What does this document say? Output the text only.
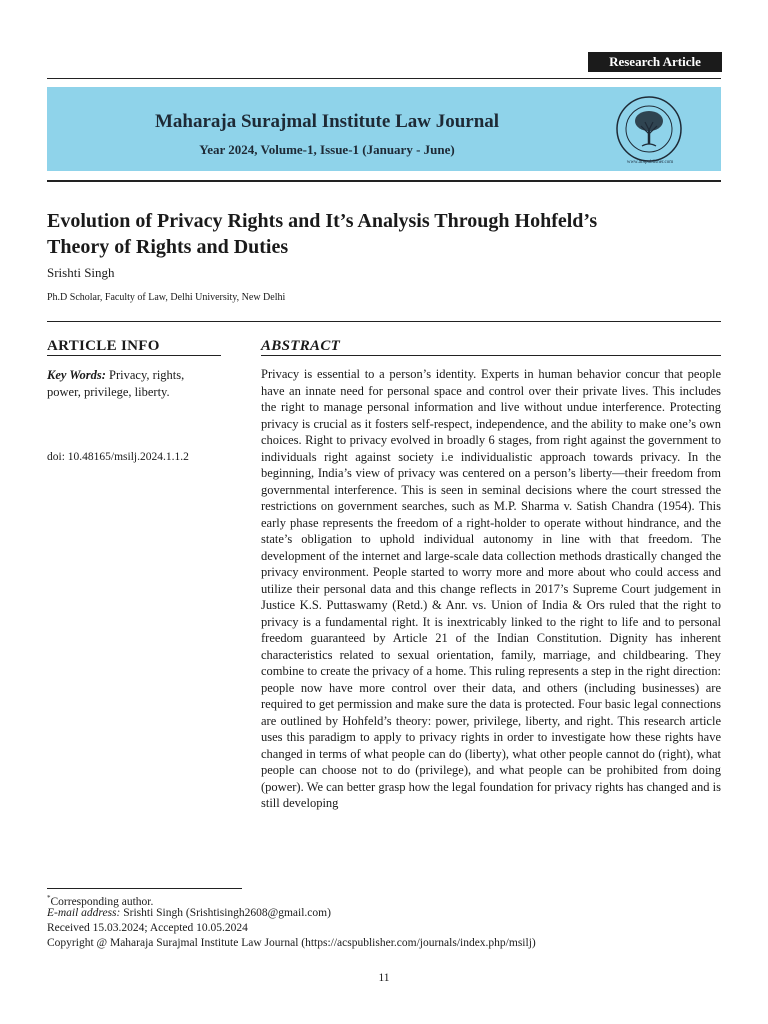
Research Article
Maharaja Surajmal Institute Law Journal
Year 2024, Volume-1, Issue-1 (January - June)
www.acspublisher.com
Evolution of Privacy Rights and It’s Analysis Through Hohfeld’s
Theory of Rights and Duties
Srishti Singh
Ph.D Scholar, Faculty of Law, Delhi University, New Delhi
ARTICLE INFO	ABSTRACT
Key Words: Privacy, rights, power, privilege, liberty.
doi: 10.48165/msilj.2024.1.1.2
Privacy is essential to a person’s identity. Experts in human behavior concur that people have an innate need for personal space and control over their private lives. This includes the right to manage personal information and live without undue interference. Protecting privacy is crucial as it fosters self-respect, independence, and the ability to make one’s own choices. Right to privacy evolved in broadly 6 stages, from right against the government to individuals right against society i.e individualistic approach towards privacy. In the beginning, India’s view of privacy was centered on a person’s liberty—their freedom from governmental interference. This is seen in seminal decisions where the court stressed the restrictions on government searches, such as M.P. Sharma v. Satish Chandra (1954). This early phase represents the freedom of a right-holder to operate without hindrance, and the state’s obligation to uphold individual autonomy in line with that freedom. The development of the internet and large-scale data collection methods drastically changed the privacy environment. People started to worry more and more about who could access and utilize their personal data and this change reflects in 2017’s Supreme Court judgement in Justice K.S. Puttaswamy (Retd.) & Anr. vs. Union of India & Ors ruled that the right to privacy is a fundamental right. It is inextricably linked to the right to life and to personal freedom guaranteed by Article 21 of the Indian Constitution. Dignity has inherent characteristics related to sexual orientation, family, marriage, and childbearing. They combine to create the privacy of a home. This ruling represents a step in the right direction: people now have more control over their data, and others (including businesses) are required to get permission and make sure the data is protected. Four basic legal connections are outlined by Hohfeld’s theory: power, privilege, liberty, and right. This research article uses this paradigm to apply to privacy rights in order to investigate how these rights have changed in terms of what people can do (liberty), what other people cannot do (right), what people can choose not to do (privilege), and what people can be prohibited from doing (power). We can better grasp how the legal foundation for privacy rights has changed and is still developing
*Corresponding author.
E-mail address: Srishti Singh (Srishtisingh2608@gmail.com)
Received 15.03.2024; Accepted 10.05.2024
Copyright @ Maharaja Surajmal Institute Law Journal (https://acspublisher.com/journals/index.php/msilj)
11
